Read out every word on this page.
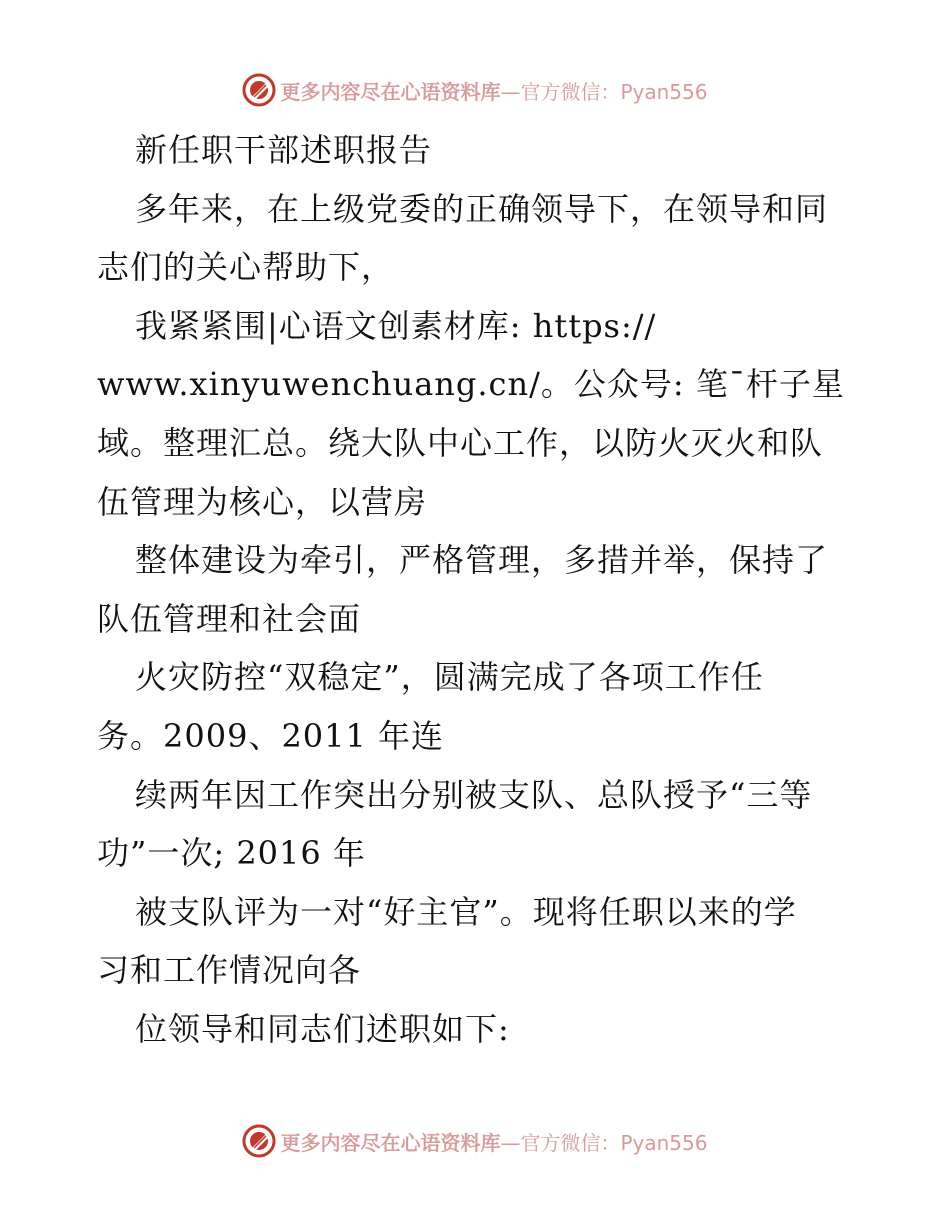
更多内容尽在心语资料库 —官方微信：Pyan556
新任职干部述职报告
多年来，在上级党委的正确领导下，在领导和同
志们的关心帮助下，
我紧紧围|心语文创素材库: https://
www.xinyuwenchuang.cn/。公众号: 笔¯杆子星
域。整理汇总。绕大队中心工作，以防火灭火和队
伍管理为核心，以营房
整体建设为牵引，严格管理，多措并举，保持了
队伍管理和社会面
火灾防控“双稳定”，圆满完成了各项工作任
务。2009、2011 年连
续两年因工作突出分别被支队、总队授予“三等
功”一次; 2016 年
被支队评为一对“好主官”。现将任职以来的学
习和工作情况向各
位领导和同志们述职如下:
更多内容尽在心语资料库 —官方微信：Pyan556
